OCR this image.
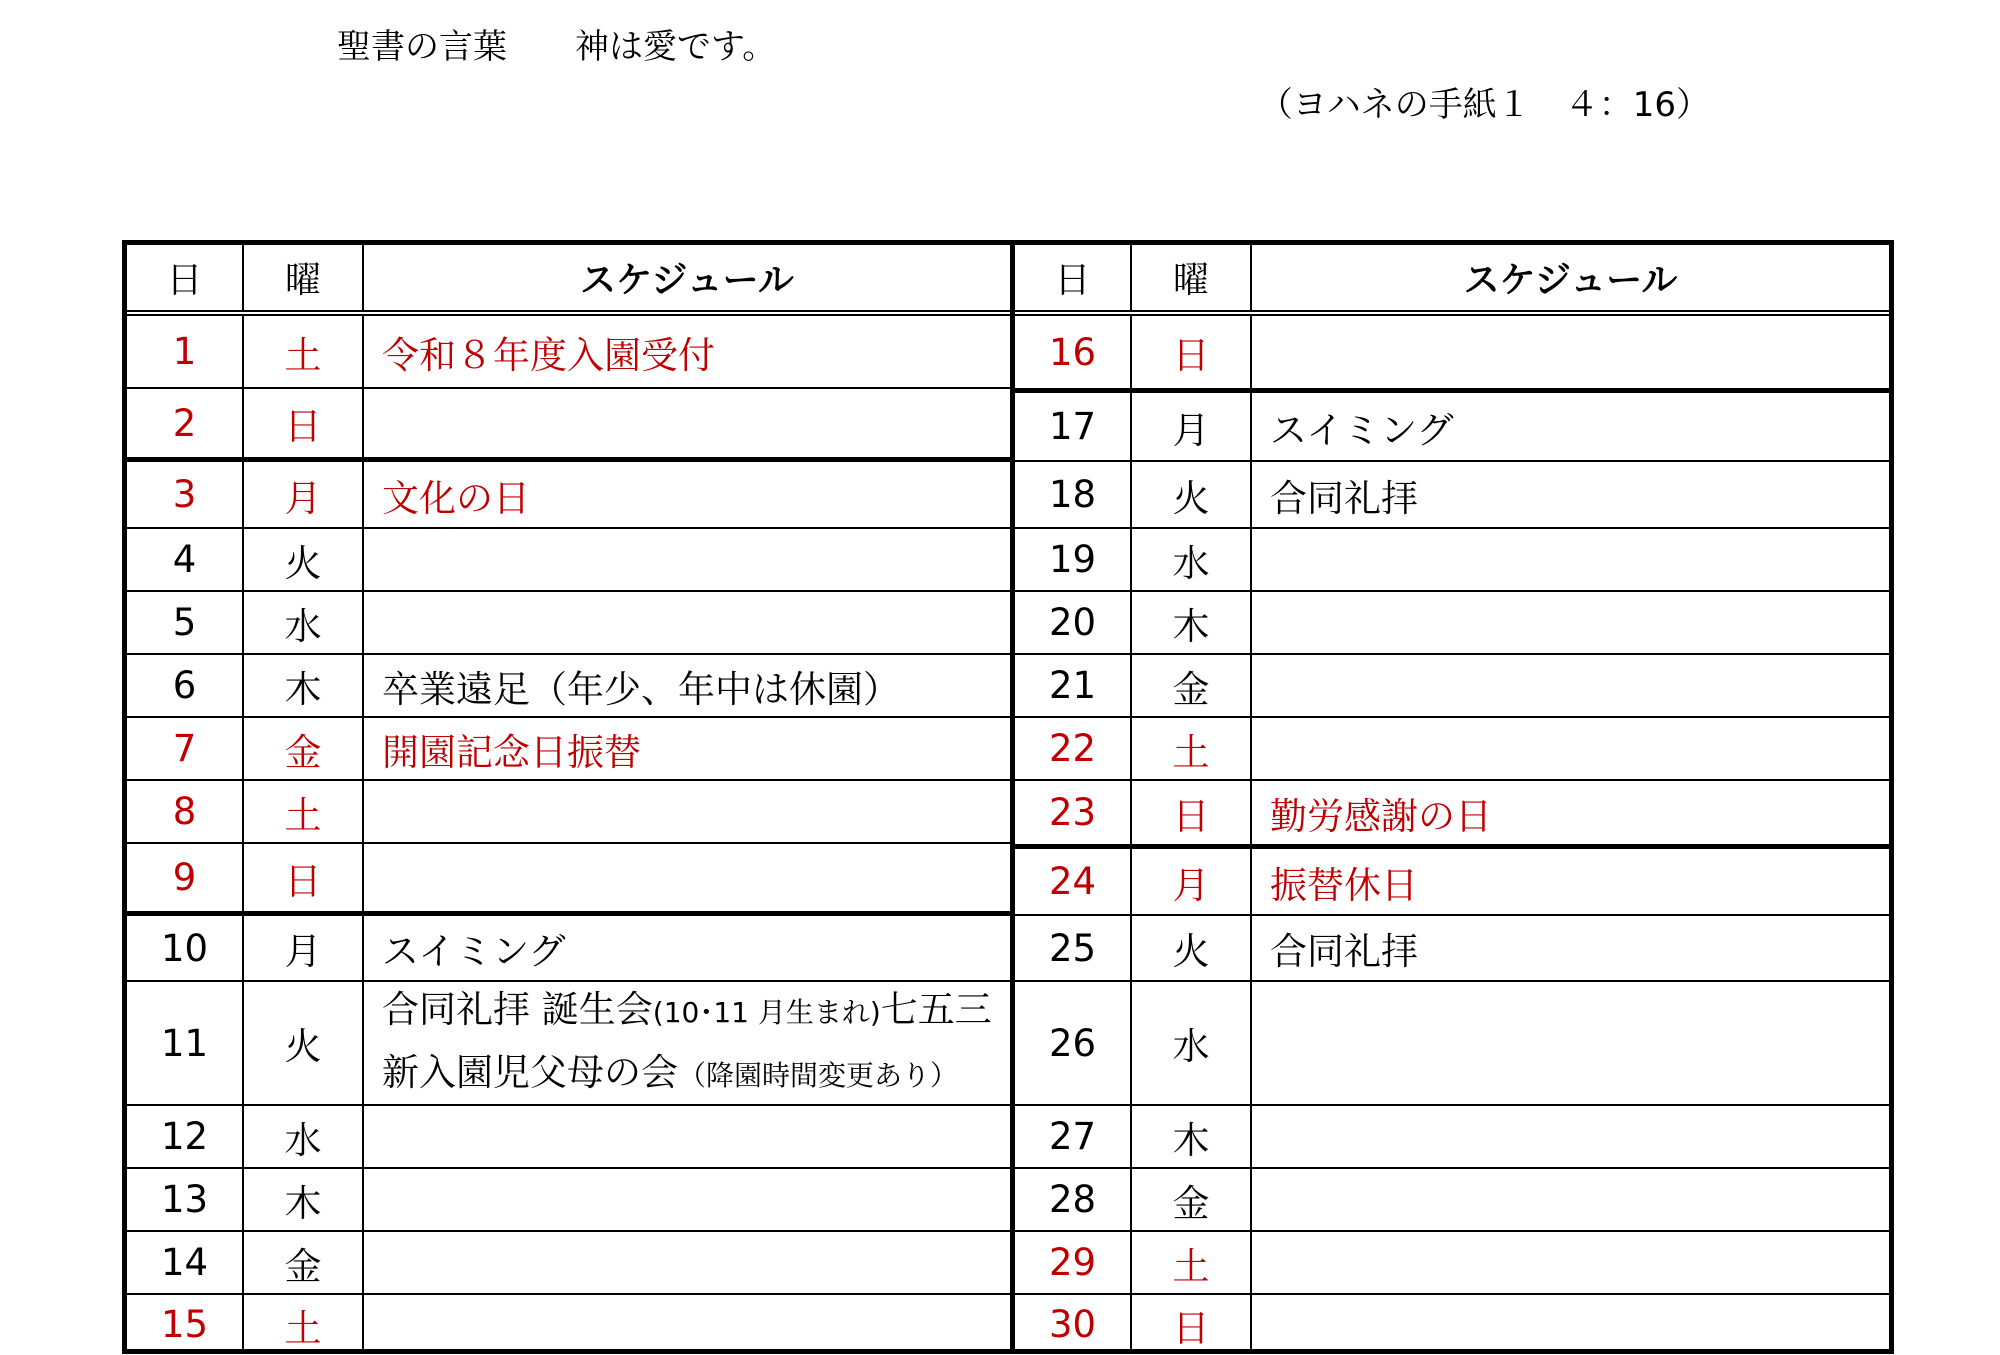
聖書の言葉　　 神は愛です。
（ヨハネの手紙１　４：16）
日	曜	スケジュール
1	土	令和８年度入園受付
2	日
3	月	文化の日
4	火
5	水
6	木	卒業遠足（年少、年中は休園）
7	金	開園記念日振替
8	土
9	日
10	月	スイミング
11	火
合同礼拝 誕生会(10･11 月生まれ)七五三
新入園児父母の会（降園時間変更あり）
12	水
13	木
14	金
15	土
日	曜	スケジュール
16	日
17	月	スイミング
18	火	合同礼拝
19	水
20	木
21	金
22	土
23	日	勤労感謝の日
24	月	振替休日
25	火	合同礼拝
26	水
27	木
28	金
29	土
30	日
